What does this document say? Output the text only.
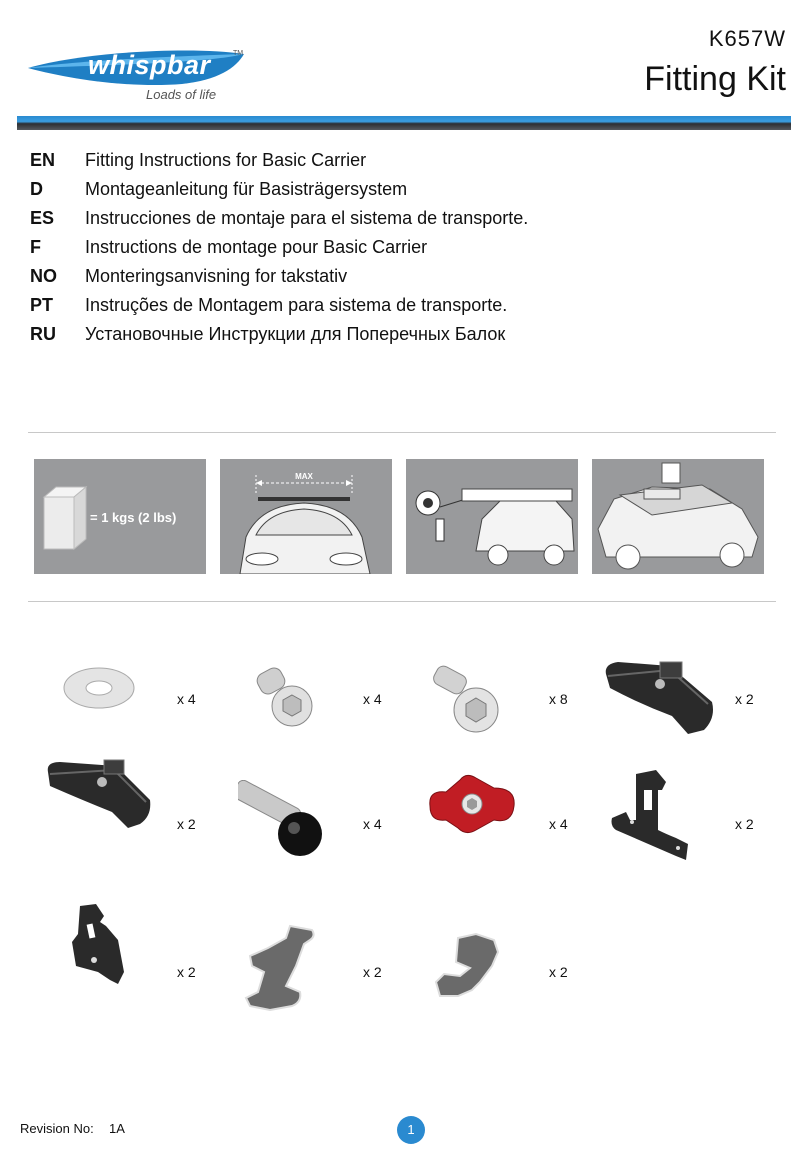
whispbar	TM
Loads of life
K657W
Fitting Kit
EN Fitting Instructions for Basic Carrier
D Montageanleitung für Basisträgersystem
ES Instrucciones de montaje para el sistema de transporte.
F Instructions de montage pour Basic Carrier
NO Monteringsanvisning for takstativ
PT Instruções de Montagem para sistema de transporte.
RU Установочные Инструкции для Поперечных Балок
= 1 kgs (2 lbs)
MAX
x 4	x 4	x 8	x 2
x 2	x 4	x 4	x 2
x 2	x 2	x 2
Revision No: 1A	1
